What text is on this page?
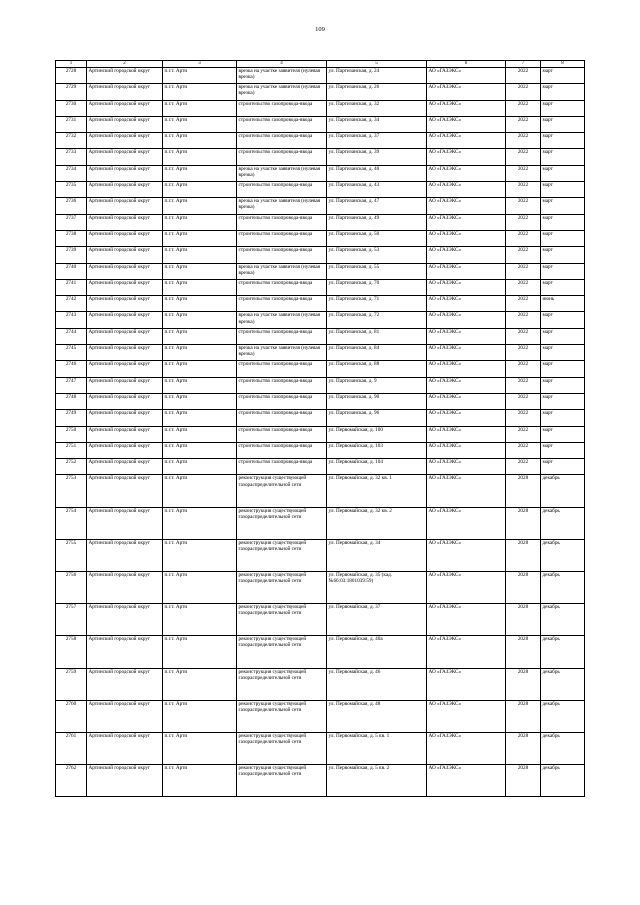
109
1	2	3	4	5	6	7	8
2728	Артинский городской округ	п.г.т. Арти	врезка на участке заявителя (нулевая врезка)	ул. Партизанская, д. 24	АО «ГАЗЭКС»	2022	март
2729	Артинский городской округ	п.г.т. Арти	врезка на участке заявителя (нулевая врезка)	ул. Партизанская, д. 26	АО «ГАЗЭКС»	2022	март
2730	Артинский городской округ	п.г.т. Арти	строительство газопровода-ввода	ул. Партизанская, д. 32	АО «ГАЗЭКС»	2022	март
2731	Артинский городской округ	п.г.т. Арти	строительство газопровода-ввода	ул. Партизанская, д. 34	АО «ГАЗЭКС»	2022	март
2732	Артинский городской округ	п.г.т. Арти	строительство газопровода-ввода	ул. Партизанская, д. 37	АО «ГАЗЭКС»	2022	март
2733	Артинский городской округ	п.г.т. Арти	строительство газопровода-ввода	ул. Партизанская, д. 39	АО «ГАЗЭКС»	2022	март
2734	Артинский городской округ	п.г.т. Арти	врезка на участке заявителя (нулевая врезка)	ул. Партизанская, д. 40	АО «ГАЗЭКС»	2022	март
2735	Артинский городской округ	п.г.т. Арти	строительство газопровода-ввода	ул. Партизанская, д. 43	АО «ГАЗЭКС»	2022	март
2736	Артинский городской округ	п.г.т. Арти	врезка на участке заявителя (нулевая врезка)	ул. Партизанская, д. 47	АО «ГАЗЭКС»	2022	март
2737	Артинский городской округ	п.г.т. Арти	строительство газопровода-ввода	ул. Партизанская, д. 49	АО «ГАЗЭКС»	2022	март
2738	Артинский городской округ	п.г.т. Арти	строительство газопровода-ввода	ул. Партизанская, д. 50	АО «ГАЗЭКС»	2022	март
2739	Артинский городской округ	п.г.т. Арти	строительство газопровода-ввода	ул. Партизанская, д. 53	АО «ГАЗЭКС»	2022	март
2740	Артинский городской округ	п.г.т. Арти	врезка на участке заявителя (нулевая врезка)	ул. Партизанская, д. 55	АО «ГАЗЭКС»	2022	март
2741	Артинский городской округ	п.г.т. Арти	строительство газопровода-ввода	ул. Партизанская, д. 70	АО «ГАЗЭКС»	2022	март
2742	Артинский городской округ	п.г.т. Арти	строительство газопровода-ввода	ул. Партизанская, д. 71	АО «ГАЗЭКС»	2022	июнь
2743	Артинский городской округ	п.г.т. Арти	врезка на участке заявителя (нулевая врезка)	ул. Партизанская, д. 72	АО «ГАЗЭКС»	2022	март
2744	Артинский городской округ	п.г.т. Арти	строительство газопровода-ввода	ул. Партизанская, д. 81	АО «ГАЗЭКС»	2022	март
2745	Артинский городской округ	п.г.т. Арти	врезка на участке заявителя (нулевая врезка)	ул. Партизанская, д. 84	АО «ГАЗЭКС»	2022	март
2746	Артинский городской округ	п.г.т. Арти	строительство газопровода-ввода	ул. Партизанская, д. 88	АО «ГАЗЭКС»	2022	март
2747	Артинский городской округ	п.г.т. Арти	строительство газопровода-ввода	ул. Партизанская, д. 9	АО «ГАЗЭКС»	2022	март
2748	Артинский городской округ	п.г.т. Арти	строительство газопровода-ввода	ул. Партизанская, д. 90	АО «ГАЗЭКС»	2022	март
2749	Артинский городской округ	п.г.т. Арти	строительство газопровода-ввода	ул. Партизанская, д. 96	АО «ГАЗЭКС»	2022	март
2750	Артинский городской округ	п.г.т. Арти	строительство газопровода-ввода	ул. Первомайская, д. 100	АО «ГАЗЭКС»	2022	март
2751	Артинский городской округ	п.г.т. Арти	строительство газопровода-ввода	ул. Первомайская, д. 103	АО «ГАЗЭКС»	2022	март
2752	Артинский городской округ	п.г.т. Арти	строительство газопровода-ввода	ул. Первомайская, д. 104	АО «ГАЗЭКС»	2022	март
2753	Артинский городской округ	п.г.т. Арти	реконструкция существующей газораспределительной сети	ул. Первомайская, д. 32 кв. 1	АО «ГАЗЭКС»	2028	декабрь
2754	Артинский городской округ	п.г.т. Арти	реконструкция существующей газораспределительной сети	ул. Первомайская, д. 32 кв. 2	АО «ГАЗЭКС»	2028	декабрь
2755	Артинский городской округ	п.г.т. Арти	реконструкция существующей газораспределительной сети	ул. Первомайская, д. 34	АО «ГАЗЭКС»	2028	декабрь
2756	Артинский городской округ	п.г.т. Арти	реконструкция существующей газораспределительной сети	ул. Первомайская, д. 35 (кад. №66:03:1801039:59)	АО «ГАЗЭКС»	2028	декабрь
2757	Артинский городской округ	п.г.т. Арти	реконструкция существующей газораспределительной сети	ул. Первомайская, д. 37	АО «ГАЗЭКС»	2028	декабрь
2758	Артинский городской округ	п.г.т. Арти	реконструкция существующей газораспределительной сети	ул. Первомайская, д. 40а	АО «ГАЗЭКС»	2028	декабрь
2759	Артинский городской округ	п.г.т. Арти	реконструкция существующей газораспределительной сети	ул. Первомайская, д. 46	АО «ГАЗЭКС»	2028	декабрь
2760	Артинский городской округ	п.г.т. Арти	реконструкция существующей газораспределительной сети	ул. Первомайская, д. 48	АО «ГАЗЭКС»	2028	декабрь
2761	Артинский городской округ	п.г.т. Арти	реконструкция существующей газораспределительной сети	ул. Первомайская, д. 5 кв. 1	АО «ГАЗЭКС»	2028	декабрь
2762	Артинский городской округ	п.г.т. Арти	реконструкция существующей газораспределительной сети	ул. Первомайская, д. 5 кв. 2	АО «ГАЗЭКС»	2028	декабрь
